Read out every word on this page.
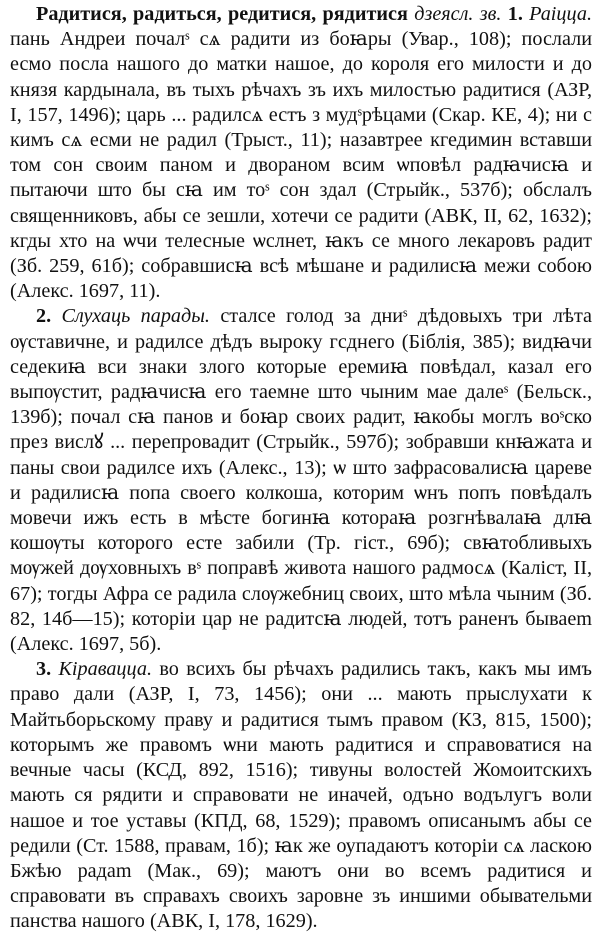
Радитися, радиться, редитися, рядитися дзеясл. зв. 1. Раіцца. пань Андреи почалˢ сѧ радити из боꙗры (Увар., 108); послали есмо посла нашого до матки нашое, до короля его милости и до князя кардынала, въ тыхъ рѣчахъ зъ ихъ милостью радитися (АЗР, I, 157, 1496); царь ... радилсѧ естъ з мудˢрѣцами (Скар. КЕ, 4); ни с кимъ сѧ есми не радил (Трыст., 11); назавтрее кгедимин вставши том сон своим паном и двораном всим ѡповѣл радꙗчисꙗ и пытаючи што бы сꙗ им тоˢ сон здал (Стрыйк., 537б); обслалъ священниковъ, абы се зешли, хотечи се радити (АВК, II, 62, 1632); кгды хто на ѡчи телесные ѡслнет, ꙗкъ се много лекаровъ радит (Зб. 259, 61б); собравшисꙗ всѣ мѣшане и радилисꙗ межи собою (Алекс. 1697, 11).

2. Слухаць парады. сталсе голод за дниˢ дѣдовыхъ три лѣта ѹставичне, и радилсе дѣдъ выроку гсднего (Біблія, 385); видꙗчи седекиꙗ вси знаки злого которые еремиꙗ повѣдал, казал его выпѹстит, радꙗчисꙗ его таемне што чыним мае далеˢ (Бельск., 139б); почал сꙗ панов и боꙗр своих радит, ꙗкобы моглъ воˢско през вислꙋ ... перепровадит (Стрыйк., 597б); зобравши кнꙗжата и паны свои радилсе ихъ (Алекс., 13); ѡ што зафрасовалисꙗ цареве и радилисꙗ попа своего колкоша, которим ѡнъ попъ повѣдалъ мовечи ижъ есть в мѣсте богинꙗ котораꙗ розгнѣвалаꙗ длꙗ кошѹты которого есте забили (Тр. гіст., 69б); свꙗтобливыхъ мѹжей дѹховныхъ вˢ поправѣ живота нашого радмосѧ (Каліст, II, 67); тогды Афра се радила слѹжебниц своих, што мѣла чыним (Зб. 82, 14б—15); которіи цар не радитсꙗ людей, тотъ раненъ бываеm (Алекс. 1697, 5б).

3. Кіравацца. во всихъ бы рѣчахъ радились такъ, какъ мы имъ право дали (АЗР, I, 73, 1456); они ... мають прыслухати к Майтьборьскому праву и радитися тымъ правом (КЗ, 815, 1500); которымъ же правомъ ѡни мають радитися и справоватися на вечные часы (КСД, 892, 1516); тивуны волостей Жомоитскихъ мають ся рядити и справовати не иначей, одъно водълугъ воли нашое и тое уставы (КПД, 68, 1529); правомъ описанымъ абы се редили (Ст. 1588, правам, 1б); ꙗк же оупадаютъ которіи сѧ ласкою Бжѣю радаm (Мак., 69); маютъ они во всемъ радитися и справовати въ справахъ своихъ заровне зъ иншими обывательми панства нашого (АВК, I, 178, 1629).
